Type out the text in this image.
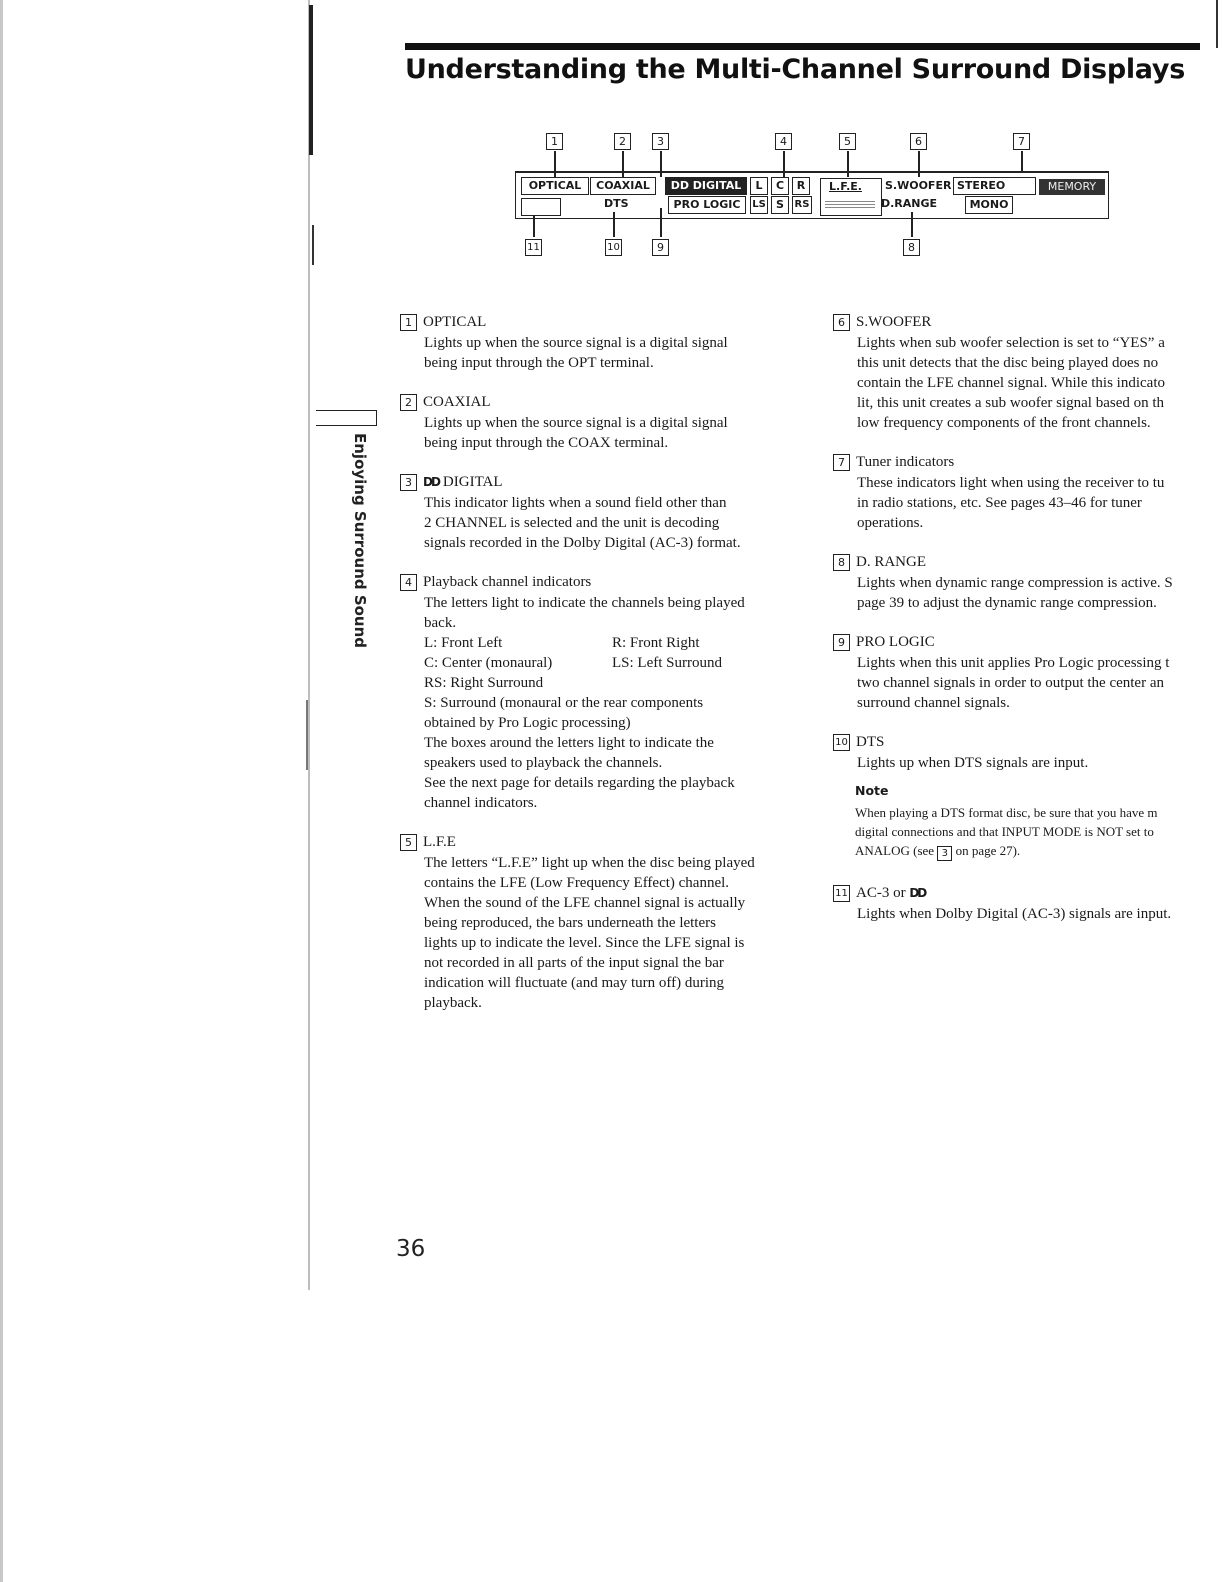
Enjoying Surround Sound
Understanding the Multi-Channel Surround Displays
1	2	3	4	5	6	7
OPTICAL	COAXIAL	DD DIGITAL	L	C	R	L.F.E. S.WOOFER STEREO	MEMORY
DTS	PRO LOGIC	LS S	RS	D.RANGE	MONO
11	10	9	8
1 OPTICAL

Lights up when the source signal is a digital signal

being input through the OPT terminal.

2 COAXIAL

Lights up when the source signal is a digital signal

being input through the COAX terminal.

3 DD DIGITAL

This indicator lights when a sound field other than

2 CHANNEL is selected and the unit is decoding

signals recorded in the Dolby Digital (AC-3) format.

4 Playback channel indicators

The letters light to indicate the channels being played

back.

L: Front Left	R: Front Right
C: Center (monaural)	LS: Left Surround
RS: Right Surround

S: Surround (monaural or the rear components

obtained by Pro Logic processing)

The boxes around the letters light to indicate the

speakers used to playback the channels.

See the next page for details regarding the playback

channel indicators.

5 L.F.E

The letters “L.F.E” light up when the disc being played

contains the LFE (Low Frequency Effect) channel.

When the sound of the LFE channel signal is actually

being reproduced, the bars underneath the letters

lights up to indicate the level. Since the LFE signal is

not recorded in all parts of the input signal the bar

indication will fluctuate (and may turn off) during

playback.

6 S.WOOFER

Lights when sub woofer selection is set to “YES” a

this unit detects that the disc being played does no

contain the LFE channel signal. While this indicato

lit, this unit creates a sub woofer signal based on th

low frequency components of the front channels.

7 Tuner indicators

These indicators light when using the receiver to tu

in radio stations, etc. See pages 43–46 for tuner

operations.

8 D. RANGE

Lights when dynamic range compression is active. S

page 39 to adjust the dynamic range compression.

9 PRO LOGIC

Lights when this unit applies Pro Logic processing t

two channel signals in order to output the center an

surround channel signals.

10 DTS

Lights up when DTS signals are input.

Note
When playing a DTS format disc, be sure that you have m
digital connections and that INPUT MODE is NOT set to
ANALOG (see 3 on page 27).
11 AC-3 or DD

Lights when Dolby Digital (AC-3) signals are input.

36
